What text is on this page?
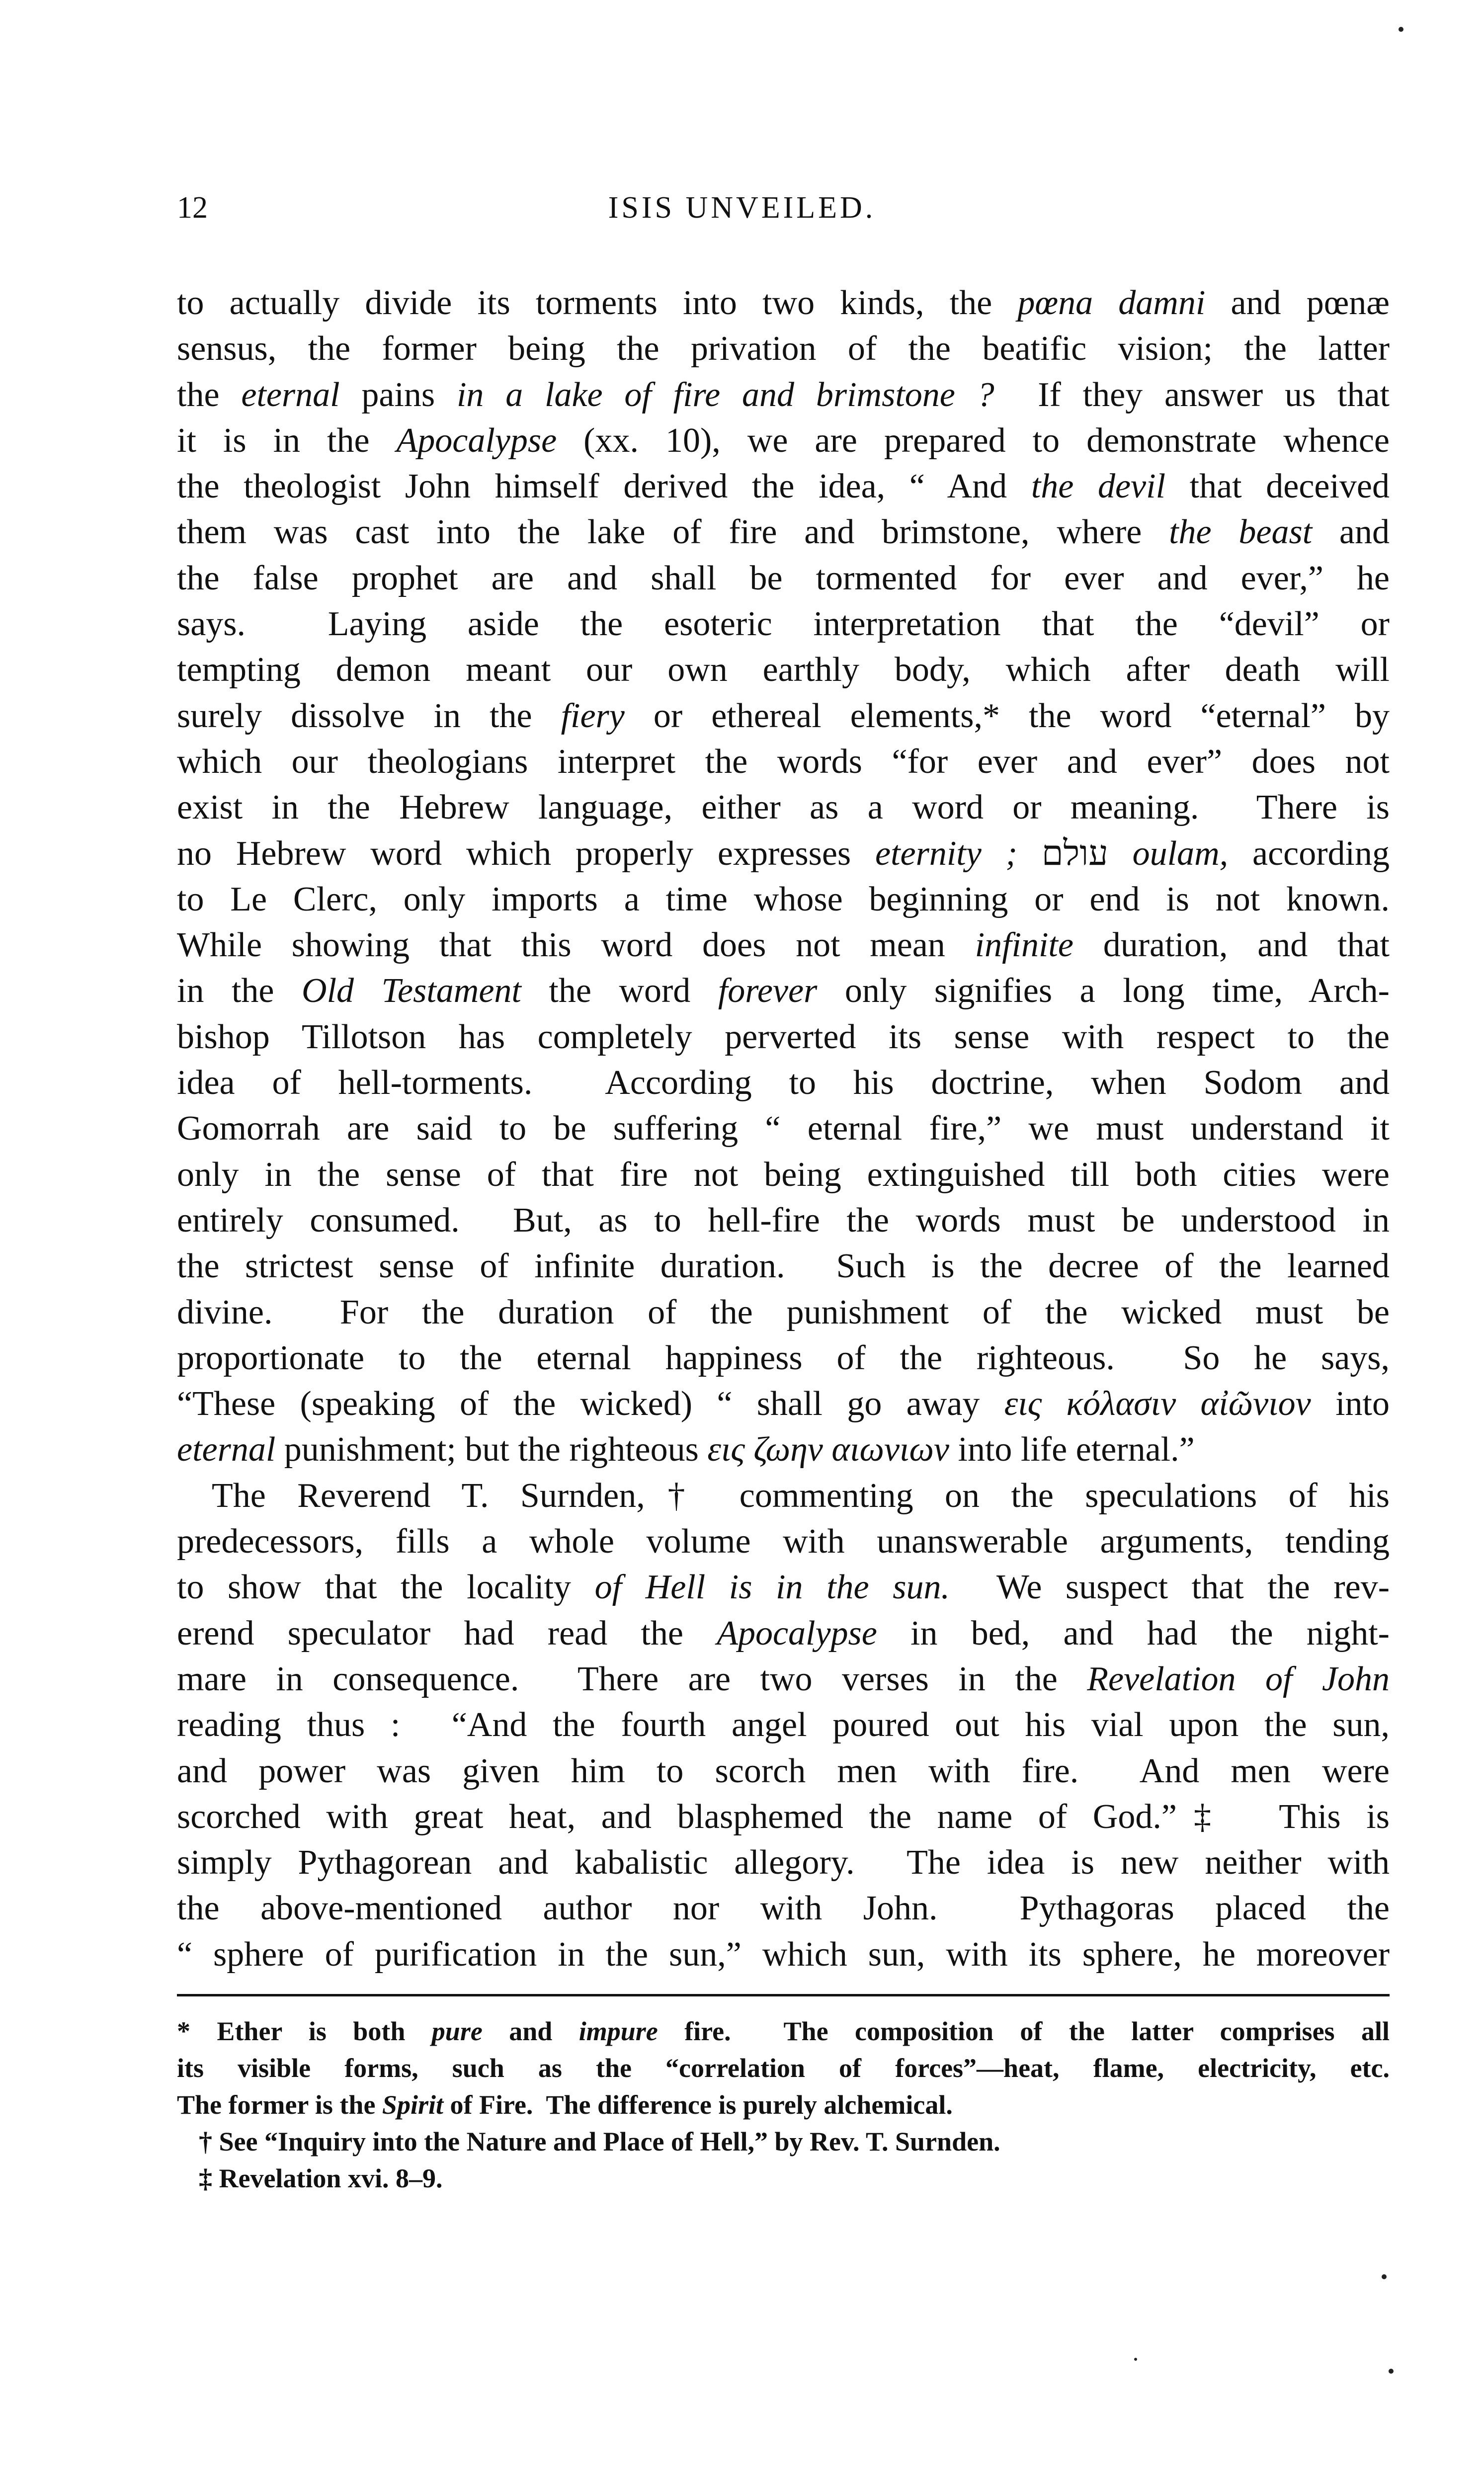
12	ISIS UNVEILED.
to actually divide its torments into two kinds, the pœna damni and pœnæ
sensus, the former being the privation of the beatific vision; the latter
the eternal pains in a lake of fire and brimstone ?  If they answer us that
it is in the Apocalypse (xx. 10), we are prepared to demonstrate whence
the theologist John himself derived the idea, “ And the devil that deceived
them was cast into the lake of fire and brimstone, where the beast and
the false prophet are and shall be tormented for ever and ever,” he
says.  Laying aside the esoteric interpretation that the “devil” or
tempting demon meant our own earthly body, which after death will
surely dissolve in the fiery or ethereal elements,* the word “eternal” by
which our theologians interpret the words “for ever and ever” does not
exist in the Hebrew language, either as a word or meaning.  There is
no Hebrew word which properly expresses eternity ; עולם oulam, according
to Le Clerc, only imports a time whose beginning or end is not known.
While showing that this word does not mean infinite duration, and that
in the Old Testament the word forever only signifies a long time, Arch-
bishop Tillotson has completely perverted its sense with respect to the
idea of hell-torments.  According to his doctrine, when Sodom and
Gomorrah are said to be suffering “ eternal fire,” we must understand it
only in the sense of that fire not being extinguished till both cities were
entirely consumed.  But, as to hell-fire the words must be understood in
the strictest sense of infinite duration.  Such is the decree of the learned
divine.  For the duration of the punishment of the wicked must be
proportionate to the eternal happiness of the righteous.  So he says,
“These (speaking of the wicked) “ shall go away εις κόλασιν αἰῶνιον into
eternal punishment; but the righteous εις ζωην αιωνιων into life eternal.”
The Reverend T. Surnden,† commenting on the speculations of his
predecessors, fills a whole volume with unanswerable arguments, tending
to show that the locality of Hell is in the sun.  We suspect that the rev-
erend speculator had read the Apocalypse in bed, and had the night-
mare in consequence.  There are two verses in the Revelation of John
reading thus :  “And the fourth angel poured out his vial upon the sun,
and power was given him to scorch men with fire.  And men were
scorched with great heat, and blasphemed the name of God.”‡  This is
simply Pythagorean and kabalistic allegory.  The idea is new neither with
the above-mentioned author nor with John.  Pythagoras placed the
“ sphere of purification in the sun,” which sun, with its sphere, he moreover
* Ether is both pure and impure fire.  The composition of the latter comprises all
its visible forms, such as the “correlation of forces”—heat, flame, electricity, etc.
The former is the Spirit of Fire.  The difference is purely alchemical.
† See “Inquiry into the Nature and Place of Hell,” by Rev. T. Surnden.
‡ Revelation xvi. 8–9.
